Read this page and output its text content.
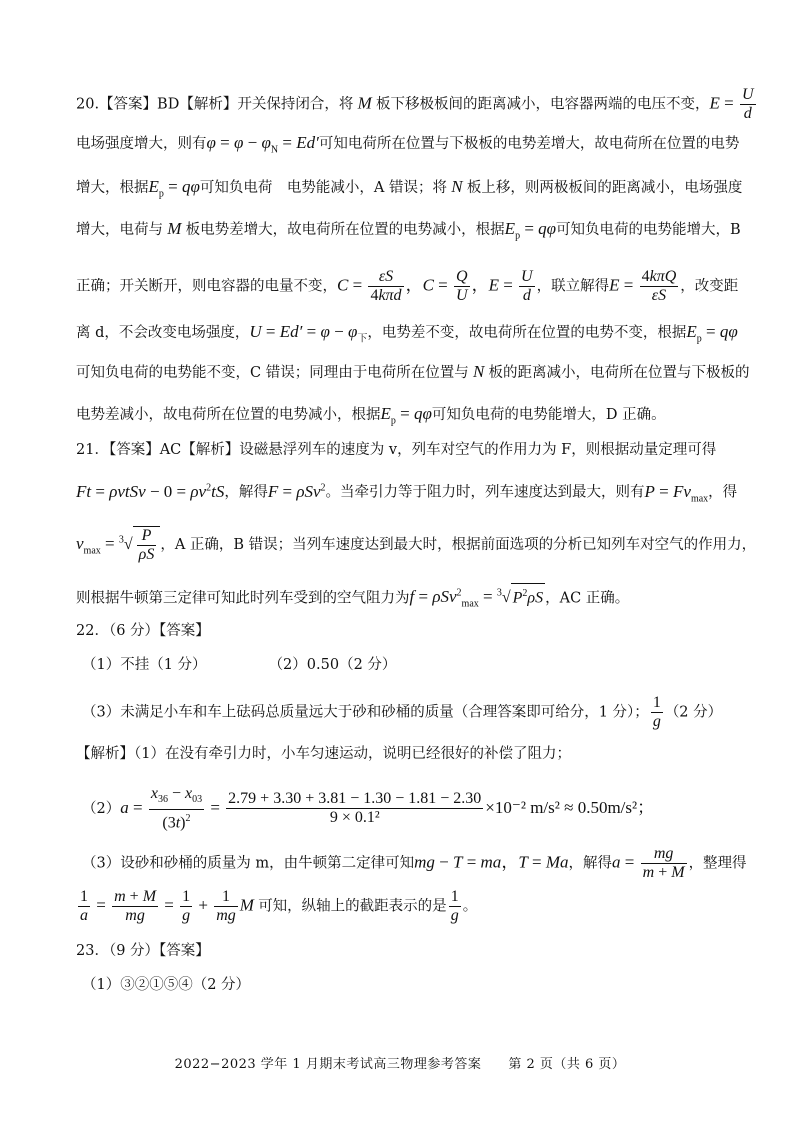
20.【答案】BD【解析】开关保持闭合，将 M 板下移极板间的距离减小，电容器两端的电压不变，$E = \frac{U}{d}$
电场强度增大，则有$\varphi = \varphi - \varphi_N = Ed'$可知电荷所在位置与下极板的电势差增大，故电荷所在位置的电势
增大，根据$E_p = q\varphi$可知负电荷　电势能减小，A 错误；将 N 板上移，则两极板间的距离减小，电场强度
增大，电荷与 M 板电势差增大，故电荷所在位置的电势减小，根据$E_p = q\varphi$可知负电荷的电势能增大，B
正确；开关断开，则电容器的电量不变，$C = \frac{\varepsilon S}{\text{4kπd}}$ ，$C = \frac{Q}{U}$ ，$E = \frac{U}{d}$ ，联立解得$E = \frac{\text{4kπQ}}{\varepsilon S}$ ，改变距
离 d，不会改变电场强度，$U = Ed' = \varphi - \varphi_下$，电势差不变，故电荷所在位置的电势不变，根据$E_p = q\varphi$
可知负电荷的电势能不变，C 错误；同理由于电荷所在位置与 N 板的距离减小，电荷所在位置与下极板的
电势差减小，故电荷所在位置的电势减小，根据$E_p = q\varphi$可知负电荷的电势能增大，D 正确。
21．【答案】AC【解析】设磁悬浮列车的速度为 v，列车对空气的作用力为 F，则根据动量定理可得
Ft = ρvtSv − $0 = \rho v^2tS$，解得F = ρSv$^2$。当牵引力等于阻力时，列车速度达到最大，则有$P = Fv_{max}$，得
$v_{max} = ^3√ \frac{P}{\rho S}$ ，A 正确，B 错误；当列车速度达到最大时，根据前面选项的分析已知列车对空气的作用力，
则根据牛顿第三定律可知此时列车受到的空气阻力为f = ρSv$^2_{max}$ = $^3$√ $P^2\rho S$ ，AC 正确。
22．（6 分）【答案】
（1）不挂（1 分）	（2）0.50（2 分）
（3）未满足小车和车上砝码总质量远大于砂和砂桶的质量（合理答案即可给分，1 分）； $\frac{1}{g} (2$ 分）
【解析】（1）在没有牵引力时，小车匀速运动，说明已经很好的补偿了阻力；
$(2)a = \frac{x_{36} - x_{03}}{(3t)^2} = \frac{2.79 + 3.30 + 3.81 - 1.30 - 1.81 - 2.30}{\text{9 × 0.1²}} \times 10^{-2}$ m/s² ≈ 0.50m/s²；
（3）设砂和砂桶的质量为 m，由牛顿第二定律可知mg − T = ma，T = Ma，解得$a = \frac{mg}{m + M}$ ，整理得
$\frac{1}{a} = \frac{m + M}{mg} = \frac{1}{g} + \frac{1}{mg}$ M 可知，纵轴上的截距表示的是 $\frac{1}{g}$ 。
23．（9 分）【答案】
（1）③②①⑤④（2 分）
2022−2023 学年 1 月期末考试高三物理参考答案　　第 2 页（共 6 页）
